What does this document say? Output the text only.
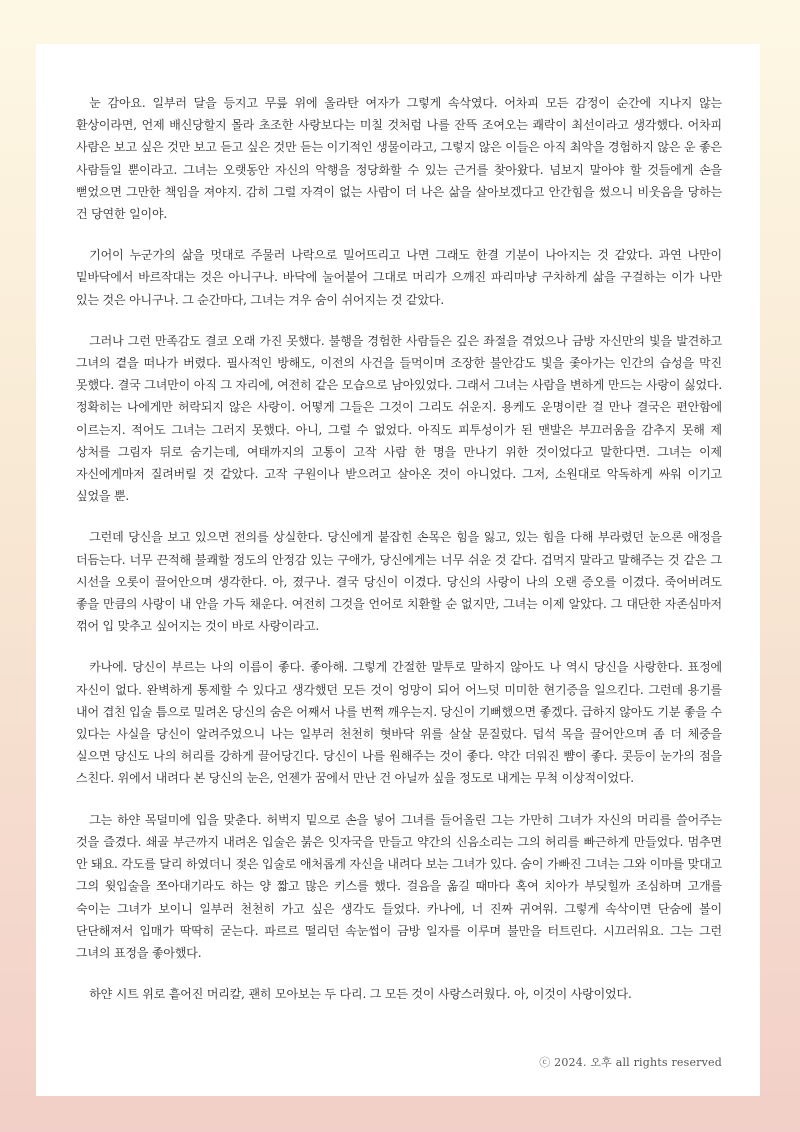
눈 감아요. 일부러 달을 등지고 무릎 위에 올라탄 여자가 그렇게 속삭였다. 어차피 모든 감정이 순간에 지나지 않는 환상이라면, 언제 배신당할지 몰라 초조한 사랑보다는 미칠 것처럼 나를 잔뜩 조여오는 쾌락이 최선이라고 생각했다. 어차피 사람은 보고 싶은 것만 보고 듣고 싶은 것만 듣는 이기적인 생물이라고, 그렇지 않은 이들은 아직 최악을 경험하지 않은 운 좋은 사람들일 뿐이라고. 그녀는 오랫동안 자신의 악행을 정당화할 수 있는 근거를 찾아왔다. 넘보지 말아야 할 것들에게 손을 뻗었으면 그만한 책임을 져야지. 감히 그럴 자격이 없는 사람이 더 나은 삶을 살아보겠다고 안간힘을 썼으니 비웃음을 당하는 건 당연한 일이야.

기어이 누군가의 삶을 멋대로 주물러 나락으로 밀어뜨리고 나면 그래도 한결 기분이 나아지는 것 같았다. 과연 나만이 밑바닥에서 바르작대는 것은 아니구나. 바닥에 눌어붙어 그대로 머리가 으깨진 파리마냥 구차하게 삶을 구걸하는 이가 나만 있는 것은 아니구나. 그 순간마다, 그녀는 겨우 숨이 쉬어지는 것 같았다.

그러나 그런 만족감도 결코 오래 가진 못했다. 불행을 경험한 사람들은 깊은 좌절을 겪었으나 금방 자신만의 빛을 발견하고 그녀의 곁을 떠나가 버렸다. 필사적인 방해도, 이전의 사건을 들먹이며 조장한 불안감도 빛을 좇아가는 인간의 습성을 막진 못했다. 결국 그녀만이 아직 그 자리에, 여전히 같은 모습으로 남아있었다. 그래서 그녀는 사람을 변하게 만드는 사랑이 싫었다. 정확히는 나에게만 허락되지 않은 사랑이. 어떻게 그들은 그것이 그리도 쉬운지. 용케도 운명이란 걸 만나 결국은 편안함에 이르는지. 적어도 그녀는 그러지 못했다. 아니, 그럴 수 없었다. 아직도 피투성이가 된 맨발은 부끄러움을 감추지 못해 제 상처를 그림자 뒤로 숨기는데, 여태까지의 고통이 고작 사람 한 명을 만나기 위한 것이었다고 말한다면. 그녀는 이제 자신에게마저 질려버릴 것 같았다. 고작 구원이나 받으려고 살아온 것이 아니었다. 그저, 소원대로 악독하게 싸워 이기고 싶었을 뿐.

그런데 당신을 보고 있으면 전의를 상실한다. 당신에게 붙잡힌 손목은 힘을 잃고, 있는 힘을 다해 부라렸던 눈으론 애정을 더듬는다. 너무 끈적해 불쾌할 정도의 안정감 있는 구애가, 당신에게는 너무 쉬운 것 같다. 겁먹지 말라고 말해주는 것 같은 그 시선을 오롯이 끌어안으며 생각한다. 아, 졌구나. 결국 당신이 이겼다. 당신의 사랑이 나의 오랜 증오를 이겼다. 죽어버려도 좋을 만큼의 사랑이 내 안을 가득 채운다. 여전히 그것을 언어로 치환할 순 없지만, 그녀는 이제 알았다. 그 대단한 자존심마저 꺾어 입 맞추고 싶어지는 것이 바로 사랑이라고.

카나에. 당신이 부르는 나의 이름이 좋다. 좋아해. 그렇게 간절한 말투로 말하지 않아도 나 역시 당신을 사랑한다. 표정에 자신이 없다. 완벽하게 통제할 수 있다고 생각했던 모든 것이 엉망이 되어 어느덧 미미한 현기증을 일으킨다. 그런데 용기를 내어 겹친 입술 틈으로 밀려온 당신의 숨은 어째서 나를 번쩍 깨우는지. 당신이 기뻐했으면 좋겠다. 급하지 않아도 기분 좋을 수 있다는 사실을 당신이 알려주었으니 나는 일부러 천천히 혓바닥 위를 살살 문질렀다. 덥석 목을 끌어안으며 좀 더 체중을 실으면 당신도 나의 허리를 강하게 끌어당긴다. 당신이 나를 원해주는 것이 좋다. 약간 더워진 뺨이 좋다. 콧등이 눈가의 점을 스친다. 위에서 내려다 본 당신의 눈은, 언젠가 꿈에서 만난 건 아닐까 싶을 정도로 내게는 무척 이상적이었다.

그는 하얀 목덜미에 입을 맞춘다. 허벅지 밑으로 손을 넣어 그녀를 들어올린 그는 가만히 그녀가 자신의 머리를 쓸어주는 것을 즐겼다. 쇄골 부근까지 내려온 입술은 붉은 잇자국을 만들고 약간의 신음소리는 그의 허리를 빠근하게 만들었다. 멈추면 안 돼요. 각도를 달리 하였더니 젖은 입술로 애처롭게 자신을 내려다 보는 그녀가 있다. 숨이 가빠진 그녀는 그와 이마를 맞대고 그의 윗입술을 쪼아대기라도 하는 양 짧고 많은 키스를 했다. 걸음을 옮길 때마다 혹여 치아가 부딪힐까 조심하며 고개를 숙이는 그녀가 보이니 일부러 천천히 가고 싶은 생각도 들었다. 카나에, 너 진짜 귀여워. 그렇게 속삭이면 단숨에 볼이 단단해져서 입매가 딱딱히 굳는다. 파르르 떨리던 속눈썹이 금방 일자를 이루며 불만을 터트린다. 시끄러워요. 그는 그런 그녀의 표정을 좋아했다.

하얀 시트 위로 흩어진 머리칼, 괜히 모아보는 두 다리. 그 모든 것이 사랑스러웠다. 아, 이것이 사랑이었다.

ⓒ 2024. 오후 all rights reserved
